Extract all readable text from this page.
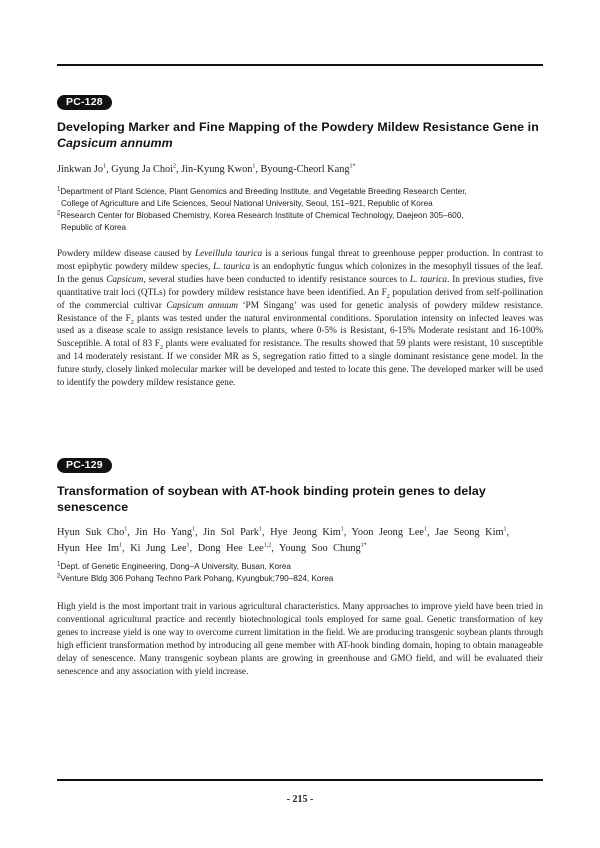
PC-128
Developing Marker and Fine Mapping of the Powdery Mildew Resistance Gene in
Capsicum annumm
Jinkwan Jo$^1$, Gyung Ja Choi$^2$, Jin-Kyung Kwon$^1$, Byoung-Cheorl Kang$^{1*}$
$^1$Department of Plant Science, Plant Genomics and Breeding Institute, and Vegetable Breeding Research Center,
College of Agriculture and Life Sciences, Seoul National University, Seoul, 151–921, Republic of Korea
$^2$Research Center for Biobased Chemistry, Korea Research Institute of Chemical Technology, Daejeon 305–600,
Republic of Korea
Powdery mildew disease caused by Leveillula taurica is a serious fungal threat to greenhouse pepper production. In contrast to most epiphytic powdery mildew species, L. taurica is an endophytic fungus which colonizes in the mesophyll tissues of the leaf. In the genus Capsicum, several studies have been conducted to identify resistance sources to L. taurica. In previous studies, five quantitative trait loci (QTLs) for powdery mildew resistance have been identified. An $F_2$ population derived from self-pollination of the commercial cultivar Capsicum annuum ‘PM Singang’ was used for genetic analysis of powdery mildew resistance. Resistance of the $F_2$ plants was tested under the natural environmental conditions. Sporulation intensity on infected leaves was used as a disease scale to assign resistance levels to plants, where 0-5% is Resistant, 6-15% Moderate resistant and 16-100% Susceptible. A total of 83 $F_2$ plants were evaluated for resistance. The results showed that 59 plants were resistant, 10 susceptible and 14 moderately resistant. If we consider MR as S, segregation ratio fitted to a single dominant resistance gene model. In the future study, closely linked molecular marker will be developed and tested to locate this gene. The developed marker will be used to identify the powdery mildew resistance gene.
PC-129
Transformation of soybean with AT-hook binding protein genes to delay
senescence
Hyun Suk Cho$^1$, Jin Ho Yang$^1$, Jin Sol Park$^1$, Hye Jeong Kim$^1$, Yoon Jeong Lee$^1$, Jae Seong Kim$^1$, Hyun Hee Im$^1$, Ki Jung Lee$^1$, Dong Hee Lee$^{1,2}$, Young Soo Chung$^{1*}$
$^1$Dept. of Genetic Engineering, Dong–A University, Busan, Korea
$^2$Venture Bldg 306 Pohang Techno Park Pohang, Kyungbuk;790–824, Korea
High yield is the most important trait in various agricultural characteristics. Many approaches to improve yield have been tried in conventional agricultural practice and recently biotechnological tools employed for same goal. Genetic transformation of key genes to increase yield is one way to overcome current limitation in the field. We are producing transgenic soybean plants through high efficient transformation method by introducing all gene member with AT-hook binding domain, hoping to obtain manageable delay of senescence. Many transgenic soybean plants are growing in greenhouse and GMO field, and will be evaluated their senescence and any association with yield increase.
- 215 -
